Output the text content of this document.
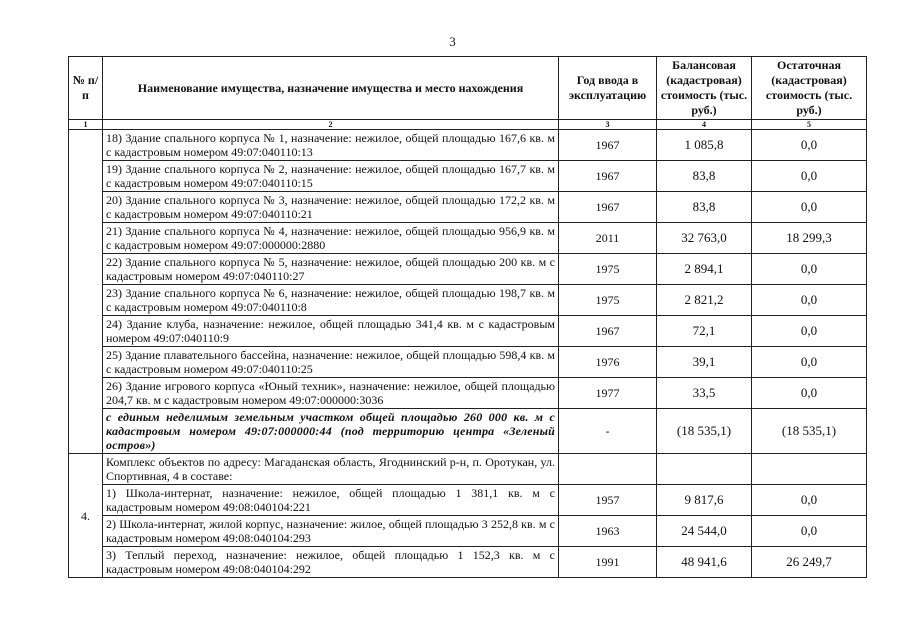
3
№ п/п	Наименование имущества, назначение имущества и место нахождения	Год ввода в эксплуатацию	Балансовая (кадастровая) стоимость (тыс. руб.)	Остаточная (кадастровая) стоимость (тыс. руб.)
1	2	3	4	5
	18) Здание спального корпуса № 1, назначение: нежилое, общей площадью 167,6 кв. м с кадастровым номером 49:07:040110:13	1967	1 085,8	0,0
	19) Здание спального корпуса № 2, назначение: нежилое, общей площадью 167,7 кв. м с кадастровым номером 49:07:040110:15	1967	83,8	0,0
	20) Здание спального корпуса № 3, назначение: нежилое, общей площадью 172,2 кв. м с кадастровым номером 49:07:040110:21	1967	83,8	0,0
	21) Здание спального корпуса № 4, назначение: нежилое, общей площадью 956,9 кв. м с кадастровым номером 49:07:000000:2880	2011	32 763,0	18 299,3
	22) Здание спального корпуса № 5, назначение: нежилое, общей площадью 200 кв. м с кадастровым номером 49:07:040110:27	1975	2 894,1	0,0
	23) Здание спального корпуса № 6, назначение: нежилое, общей площадью 198,7 кв. м с кадастровым номером 49:07:040110:8	1975	2 821,2	0,0
	24) Здание клуба, назначение: нежилое, общей площадью 341,4 кв. м с кадастровым номером 49:07:040110:9	1967	72,1	0,0
	25) Здание плавательного бассейна, назначение: нежилое, общей площадью 598,4 кв. м с кадастровым номером 49:07:040110:25	1976	39,1	0,0
	26) Здание игрового корпуса «Юный техник», назначение: нежилое, общей площадью 204,7 кв. м с кадастровым номером 49:07:000000:3036	1977	33,5	0,0
	с единым неделимым земельным участком общей площадью 260 000 кв. м с кадастровым номером 49:07:000000:44 (под территорию центра «Зеленый остров»)	-	(18 535,1)	(18 535,1)
4.	Комплекс объектов по адресу: Магаданская область, Ягоднинский р-н, п. Оротукан, ул. Спортивная, 4 в составе:			
	1) Школа-интернат, назначение: нежилое, общей площадью 1 381,1 кв. м с кадастровым номером 49:08:040104:221	1957	9 817,6	0,0
	2) Школа-интернат, жилой корпус, назначение: жилое, общей площадью 3 252,8 кв. м с кадастровым номером 49:08:040104:293	1963	24 544,0	0,0
	3) Теплый переход, назначение: нежилое, общей площадью 1 152,3 кв. м с кадастровым номером 49:08:040104:292	1991	48 941,6	26 249,7
